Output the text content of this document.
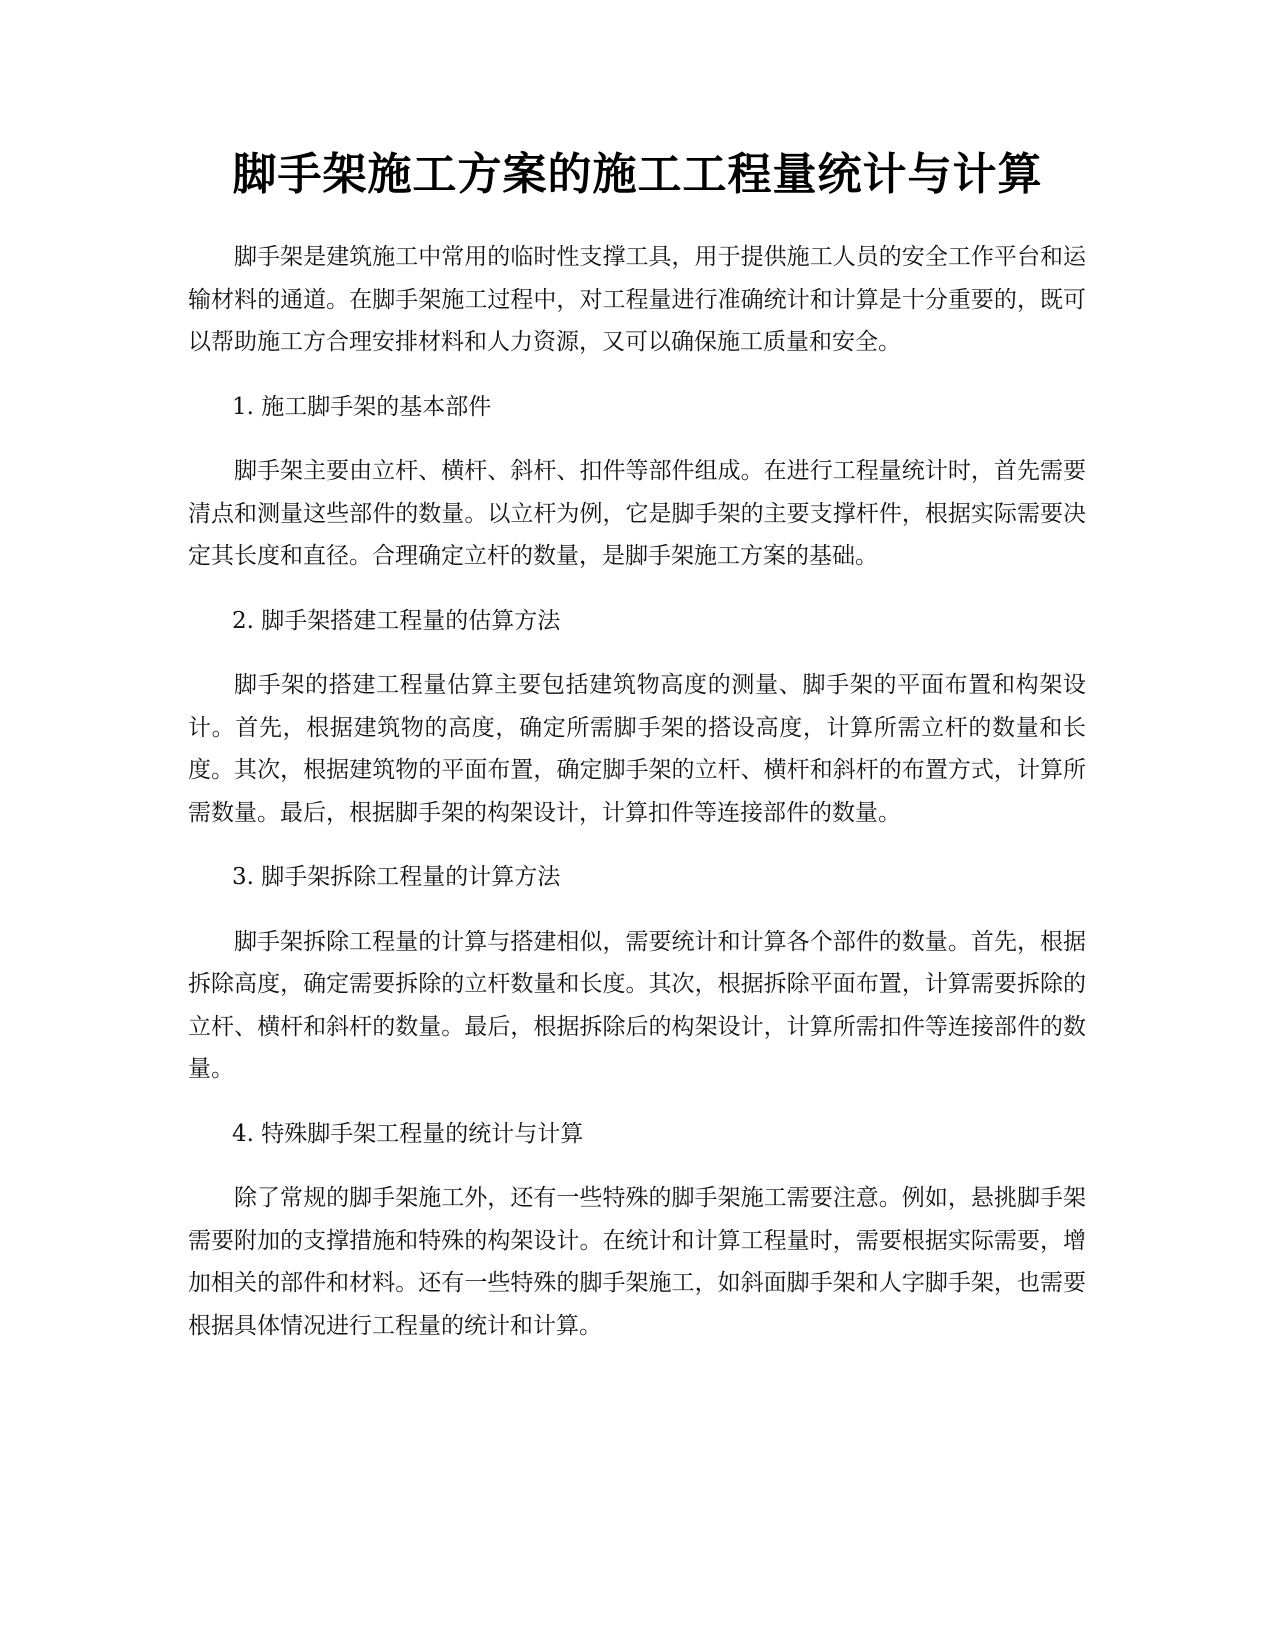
脚手架施工方案的施工工程量统计与计算

脚手架是建筑施工中常用的临时性支撑工具，用于提供施工人员的安全工作平台和运输材料的通道。在脚手架施工过程中，对工程量进行准确统计和计算是十分重要的，既可以帮助施工方合理安排材料和人力资源，又可以确保施工质量和安全。

1. 施工脚手架的基本部件

脚手架主要由立杆、横杆、斜杆、扣件等部件组成。在进行工程量统计时，首先需要清点和测量这些部件的数量。以立杆为例，它是脚手架的主要支撑杆件，根据实际需要决定其长度和直径。合理确定立杆的数量，是脚手架施工方案的基础。

2. 脚手架搭建工程量的估算方法

脚手架的搭建工程量估算主要包括建筑物高度的测量、脚手架的平面布置和构架设计。首先，根据建筑物的高度，确定所需脚手架的搭设高度，计算所需立杆的数量和长度。其次，根据建筑物的平面布置，确定脚手架的立杆、横杆和斜杆的布置方式，计算所需数量。最后，根据脚手架的构架设计，计算扣件等连接部件的数量。

3. 脚手架拆除工程量的计算方法

脚手架拆除工程量的计算与搭建相似，需要统计和计算各个部件的数量。首先，根据拆除高度，确定需要拆除的立杆数量和长度。其次，根据拆除平面布置，计算需要拆除的立杆、横杆和斜杆的数量。最后，根据拆除后的构架设计，计算所需扣件等连接部件的数量。

4. 特殊脚手架工程量的统计与计算

除了常规的脚手架施工外，还有一些特殊的脚手架施工需要注意。例如，悬挑脚手架需要附加的支撑措施和特殊的构架设计。在统计和计算工程量时，需要根据实际需要，增加相关的部件和材料。还有一些特殊的脚手架施工，如斜面脚手架和人字脚手架，也需要根据具体情况进行工程量的统计和计算。
